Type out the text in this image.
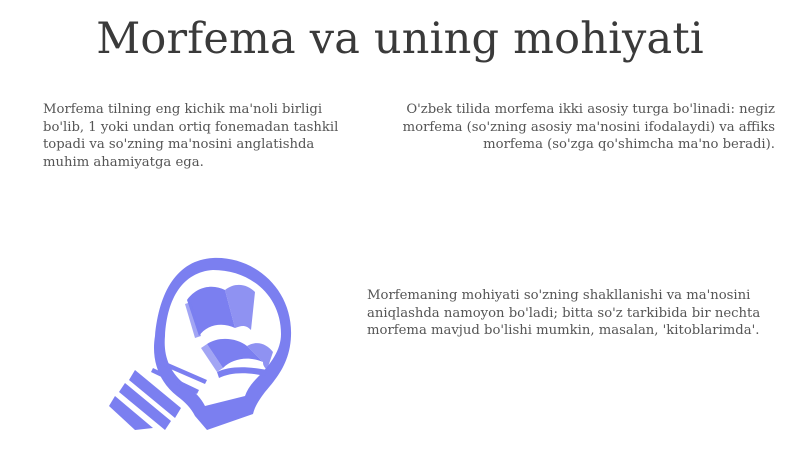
Morfema va uning mohiyati
Morfema tilning eng kichik ma'noli birligi bo'lib, 1 yoki undan ortiq fonemadan tashkil topadi va so'zning ma'nosini anglatishda muhim ahamiyatga ega.
O'zbek tilida morfema ikki asosiy turga bo'linadi: negiz morfema (so'zning asosiy ma'nosini ifodalaydi) va affiks morfema (so'zga qo'shimcha ma'no beradi).
Morfemaning mohiyati so'zning shakllanishi va ma'nosini aniqlashda namoyon bo'ladi; bitta so'z tarkibida bir nechta morfema mavjud bo'lishi mumkin, masalan, 'kitoblarimda'.
